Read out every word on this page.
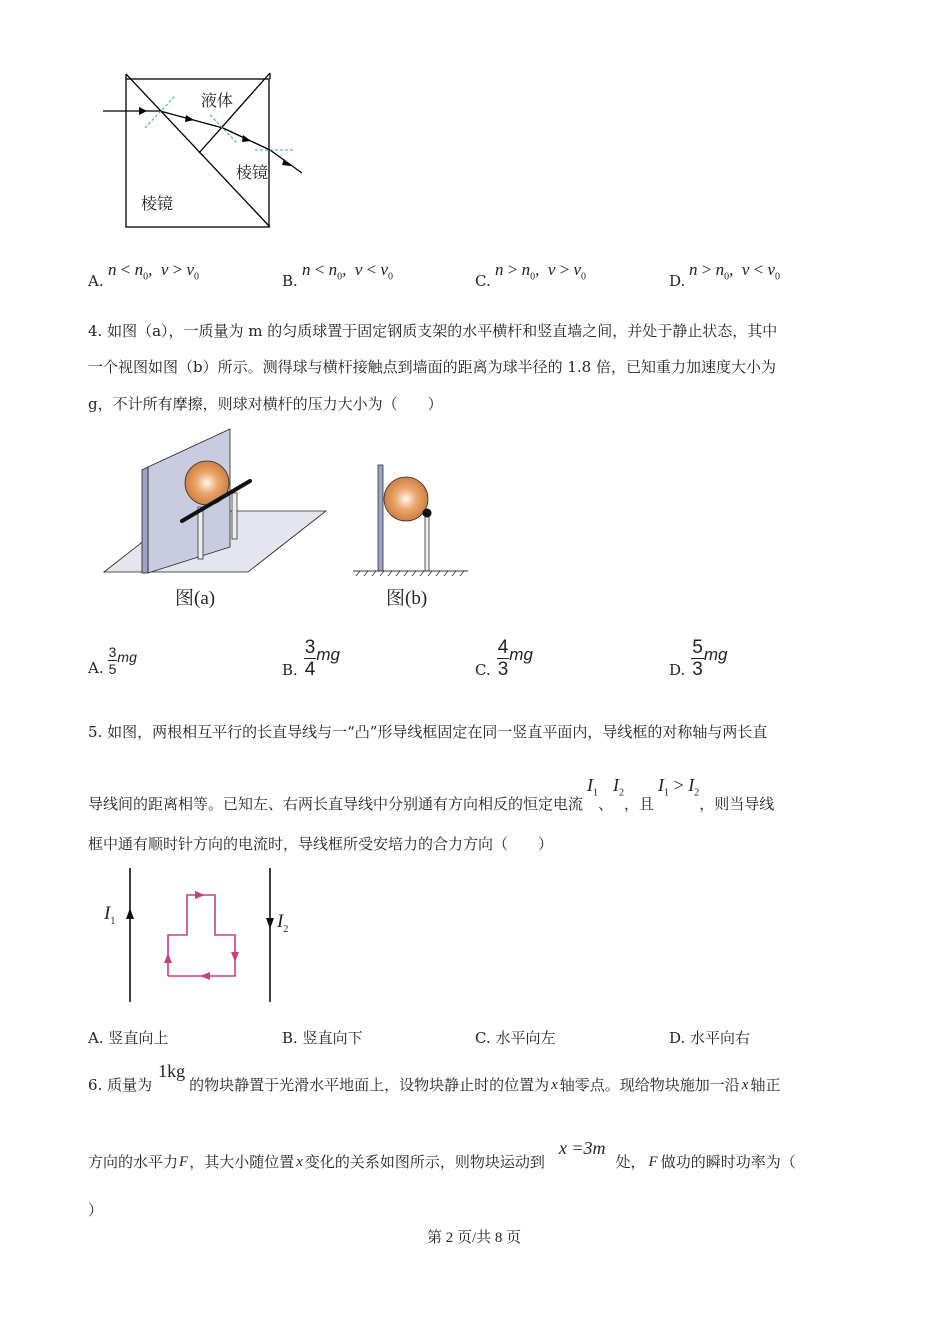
液体
棱镜
棱镜
A.
$n < n_0$,  $v > v_0$	B.
$n < n_0$,  $v < v_0$	C.
$n > n_0$,  $v > v_0$	D.
$n > n_0$,  $v < v_0$
4. 如图（a），一质量为 m 的匀质球置于固定钢质支架的水平横杆和竖直墙之间，并处于静止状态，其中
一个视图如图（b）所示。测得球与横杆接触点到墙面的距离为球半径的 1.8 倍，已知重力加速度大小为
g，不计所有摩擦，则球对横杆的压力大小为（　　）
图(a)	图(b)
A. $\frac{3}{5}$ mg
B. $\frac{3}{4}$ mg
C. $\frac{4}{3}$ mg
D. $\frac{5}{3}$ mg
5. 如图，两根相互平行的长直导线与一“凸”形导线框固定在同一竖直平面内，导线框的对称轴与两长直
导线间的距离相等。已知左、右两长直导线中分别通有方向相反的恒定电流
$I_1$
、
$I_2$
，且
$I_1 > I_2$
，则当导线
框中通有顺时针方向的电流时，导线框所受安培力的合力方向（　　）
$I_1$	$I_2$
A. 竖直向上	B. 竖直向下	C. 水平向左	D. 水平向右
6. 质量为
1kg
的物块静置于光滑水平地面上，设物块静止时的位置为 x 轴零点。现给物块施加一沿 x 轴正
方向的水平力 F ，其大小随位置 x 变化的关系如图所示，则物块运动到
x =3m
处， F 做功的瞬时功率为（
）
第 2 页/共 8 页
